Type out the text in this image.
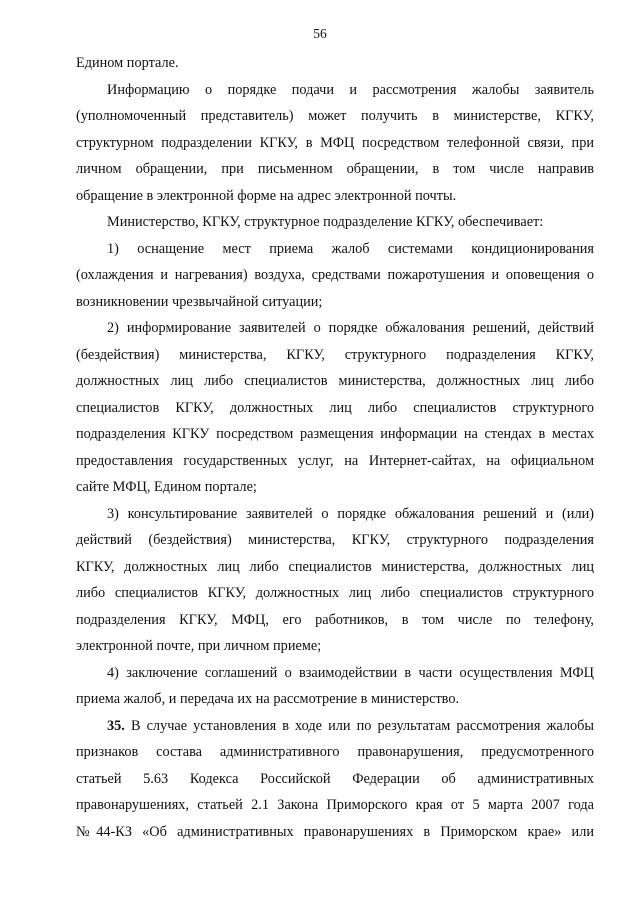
56
Едином портале.
Информацию о порядке подачи и рассмотрения жалобы заявитель
(уполномоченный представитель) может получить в министерстве, КГКУ,
структурном подразделении КГКУ, в МФЦ посредством телефонной связи, при
личном обращении, при письменном обращении, в том числе направив
обращение в электронной форме на адрес электронной почты.
Министерство, КГКУ, структурное подразделение КГКУ, обеспечивает:
1) оснащение мест приема жалоб системами кондиционирования
(охлаждения и нагревания) воздуха, средствами пожаротушения и оповещения о
возникновении чрезвычайной ситуации;
2) информирование заявителей о порядке обжалования решений, действий
(бездействия) министерства, КГКУ, структурного подразделения КГКУ,
должностных лиц либо специалистов министерства, должностных лиц либо
специалистов КГКУ, должностных лиц либо специалистов структурного
подразделения КГКУ посредством размещения информации на стендах в местах
предоставления государственных услуг, на Интернет-сайтах, на официальном
сайте МФЦ, Едином портале;
3) консультирование заявителей о порядке обжалования решений и (или)
действий (бездействия) министерства, КГКУ, структурного подразделения
КГКУ, должностных лиц либо специалистов министерства, должностных лиц
либо специалистов КГКУ, должностных лиц либо специалистов структурного
подразделения КГКУ, МФЦ, его работников, в том числе по телефону,
электронной почте, при личном приеме;
4) заключение соглашений о взаимодействии в части осуществления МФЦ
приема жалоб, и передача их на рассмотрение в министерство.
35. В случае установления в ходе или по результатам рассмотрения жалобы
признаков состава административного правонарушения, предусмотренного
статьей 5.63 Кодекса Российской Федерации об административных
правонарушениях, статьей 2.1 Закона Приморского края от 5 марта 2007 года
№44-КЗ «Об административных правонарушениях в Приморском крае» или
